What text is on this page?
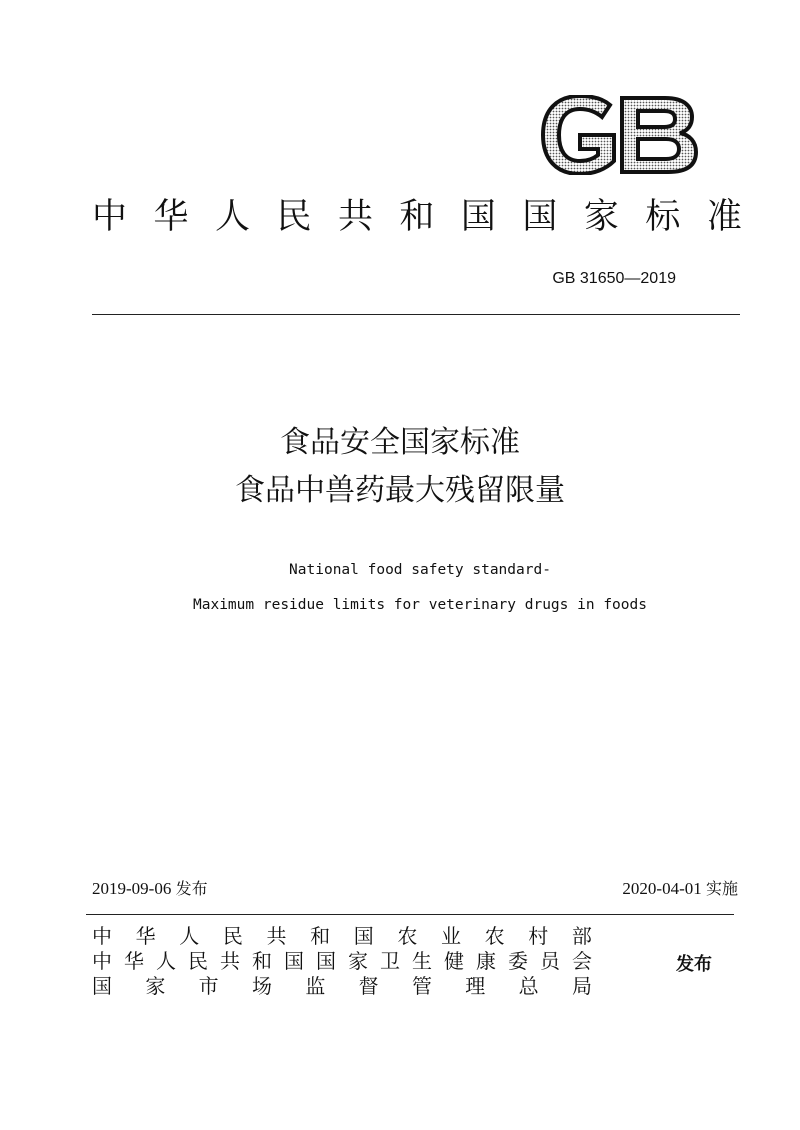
GB
中 华 人 民 共 和 国 国 家 标 准
GB 31650—2019
食品安全国家标准
食品中兽药最大残留限量
National food safety standard-
Maximum residue limits for veterinary drugs in foods
2019-09-06 发布	2020-04-01 实施
中 华 人 民 共 和 国 农 业 农 村 部
中 华 人 民 共 和 国 国 家 卫 生 健 康 委 员 会
国 家 市 场 监 督 管 理 总 局
发布
